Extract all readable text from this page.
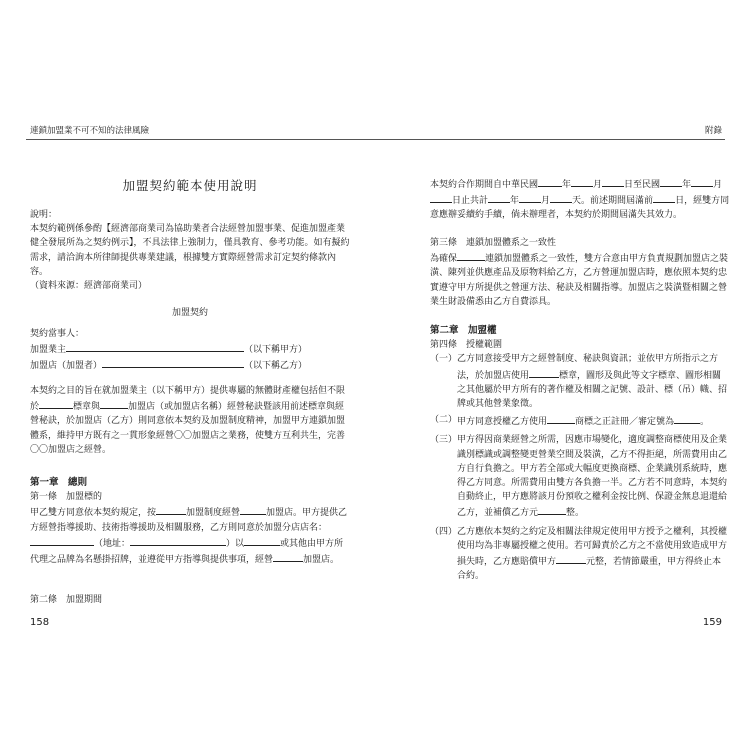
連鎖加盟業不可不知的法律風險
加盟契約範本使用說明

說明：

本契約範例係參酌【經濟部商業司為協助業者合法經營加盟事業、促進加盟產業健全發展所為之契約例示】，不具法律上強制力，僅具教育、參考功能。如有擬約需求，請洽詢本所律師提供專業建議，根據雙方實際經營需求訂定契約條款內容。

（資料來源：經濟部商業司）

加盟契約

契約當事人：

加盟業主	（以下稱甲方）

加盟店（加盟者）	（以下稱乙方）

本契約之目的旨在就加盟業主（以下稱甲方）提供專屬的無體財產權包括但不限於	標章與	加盟店（或加盟店名稱）經營秘訣暨該用前述標章與經營秘訣，於加盟店（乙方）則同意依本契約及加盟制度精神，加盟甲方連鎖加盟體系，維持甲方既有之一貫形象經營〇〇加盟店之業務，使雙方互利共生，完善〇〇加盟店之經營。

第一章　總則

第一條　加盟標的

甲乙雙方同意依本契約規定，按	加盟制度經營	加盟店。甲方提供乙方經營指導援助、技術指導援助及相關服務，乙方則同意於加盟分店店名：（地址：	）以	或其他由甲方所代理之品牌為名懸掛招牌，並遵從甲方指導與提供事項，經營	加盟店。

第二條　加盟期間
158
附錄
本契約合作期間自中華民國	年 月 日至民國 年 月日止共計 年 月 天。前述期間屆滿前 日，經雙方同意應辦妥續約手續，倘未辦理者，本契約於期間屆滿失其效力。

第三條　連鎖加盟體系之一致性

為確保	連鎖加盟體系之一致性，雙方合意由甲方負責規劃加盟店之裝潢、陳列並供應產品及原物料給乙方，乙方營運加盟店時，應依照本契約忠實遵守甲方所提供之營運方法、秘訣及相關指導。加盟店之裝潢暨相關之營業生財設備悉由乙方自費添具。

第二章　加盟權

第四條　授權範圍

（一） 乙方同意接受甲方之經營制度、秘訣與資訊；並依甲方所指示之方法，於加盟店使用	標章，圖形及與此等文字標章、圖形相關之其他屬於甲方所有的著作權及相關之記號、設計、標（吊）幟、招牌或其他營業象徵。
（二） 甲方同意授權乙方使用	商標之正註冊／審定號為	。
（三） 甲方得因商業經營之所需，因應市場變化，適度調整商標使用及企業識別標識或調整變更營業空間及裝潢，乙方不得拒絕，所需費用由乙方自行負擔之。甲方若全部或大幅度更換商標、企業識別系統時，應得乙方同意。所需費用由雙方各負擔一半。乙方若不同意時，本契約自動終止，甲方應將該月份預收之權利金按比例、保證金無息退還給乙方，並補償乙方元	整。
（四） 乙方應依本契約之約定及相關法律規定使用甲方授予之權利，其授權使用均為非專屬授權之使用。若可歸責於乙方之不當使用致造成甲方損失時，乙方應賠償甲方	元整，若情節嚴重，甲方得終止本合約。
159
